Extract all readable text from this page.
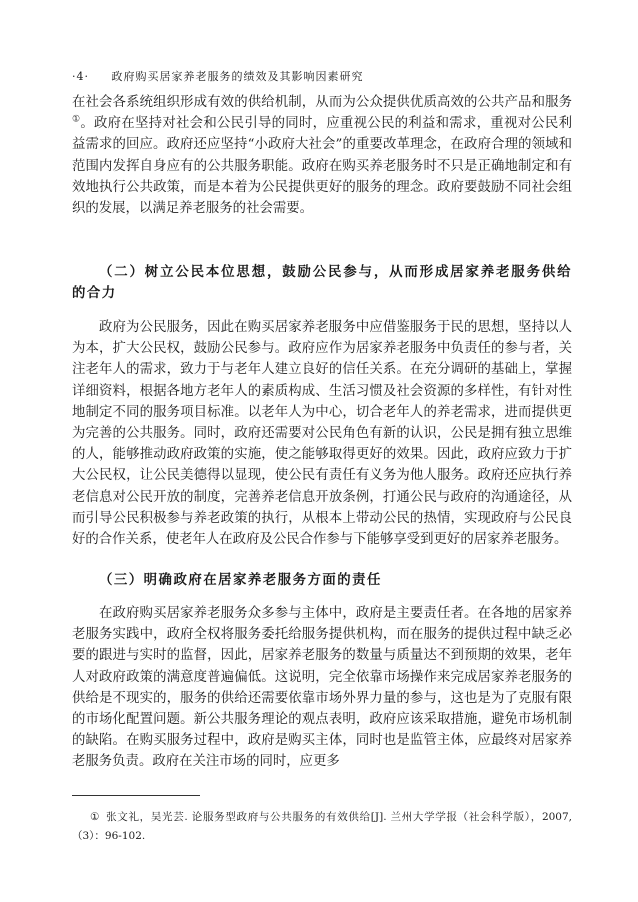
·4· 政府购买居家养老服务的绩效及其影响因素研究

在社会各系统组织形成有效的供给机制，从而为公众提供优质高效的公共产品和服务①。政府在坚持对社会和公民引导的同时，应重视公民的利益和需求，重视对公民利益需求的回应。政府还应坚持“小政府大社会”的重要改革理念，在政府合理的领域和范围内发挥自身应有的公共服务职能。政府在购买养老服务时不只是正确地制定和有效地执行公共政策，而是本着为公民提供更好的服务的理念。政府要鼓励不同社会组织的发展，以满足养老服务的社会需要。

（二）树立公民本位思想，鼓励公民参与，从而形成居家养老服务供给的合力

政府为公民服务，因此在购买居家养老服务中应借鉴服务于民的思想，坚持以人为本，扩大公民权，鼓励公民参与。政府应作为居家养老服务中负责任的参与者，关注老年人的需求，致力于与老年人建立良好的信任关系。在充分调研的基础上，掌握详细资料，根据各地方老年人的素质构成、生活习惯及社会资源的多样性，有针对性地制定不同的服务项目标准。以老年人为中心，切合老年人的养老需求，进而提供更为完善的公共服务。同时，政府还需要对公民角色有新的认识，公民是拥有独立思维的人，能够推动政府政策的实施，使之能够取得更好的效果。因此，政府应致力于扩大公民权，让公民美德得以显现，使公民有责任有义务为他人服务。政府还应执行养老信息对公民开放的制度，完善养老信息开放条例，打通公民与政府的沟通途径，从而引导公民积极参与养老政策的执行，从根本上带动公民的热情，实现政府与公民良好的合作关系，使老年人在政府及公民合作参与下能够享受到更好的居家养老服务。

（三）明确政府在居家养老服务方面的责任

在政府购买居家养老服务众多参与主体中，政府是主要责任者。在各地的居家养老服务实践中，政府全权将服务委托给服务提供机构，而在服务的提供过程中缺乏必要的跟进与实时的监督，因此，居家养老服务的数量与质量达不到预期的效果，老年人对政府政策的满意度普遍偏低。这说明，完全依靠市场操作来完成居家养老服务的供给是不现实的，服务的供给还需要依靠市场外界力量的参与，这也是为了克服有限的市场化配置问题。新公共服务理论的观点表明，政府应该采取措施，避免市场机制的缺陷。在购买服务过程中，政府是购买主体，同时也是监管主体，应最终对居家养老服务负责。政府在关注市场的同时，应更多

① 张文礼，吴光芸. 论服务型政府与公共服务的有效供给[J]. 兰州大学学报（社会科学版），2007,（3）：96-102.
